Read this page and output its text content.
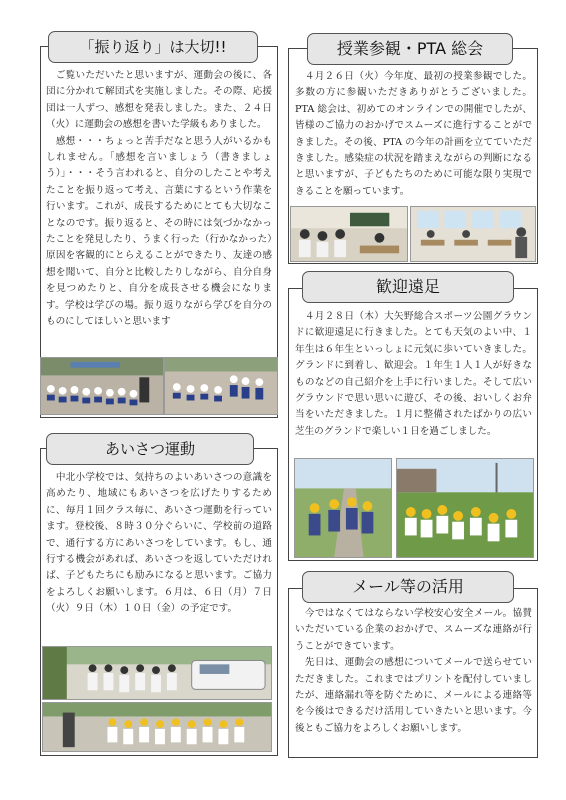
「振り返り」は大切!!
　ご覧いただいたと思いますが、運動会の後に、各団に分かれて解団式を実施しました。その際、応援団は一人ずつ、感想を発表しました。また、２４日（火）に運動会の感想を書いた学級もありました。
　感想・・・ちょっと苦手だなと思う人がいるかもしれません。「感想を言いましょう（書きましょう）」・・・そう言われると、自分のしたことや考えたことを振り返って考え、言葉にするという作業を行います。これが、成長するためにとても大切なことなのです。振り返ると、その時には気づかなかったことを発見したり、うまく行った（行かなかった）原因を客観的にとらえることができたり、友達の感想を聞いて、自分と比較したりしながら、自分自身を見つめたりと、自分を成長させる機会になります。学校は学びの場。振り返りながら学びを自分のものにしてほしいと思います
授業参観・PTA 総会
　４月２６日（火）今年度、最初の授業参観でした。多数の方に参観いただきありがとうございました。PTA 総会は、初めてのオンラインでの開催でしたが、皆様のご協力のおかげでスムーズに進行することができました。その後、PTA の今年の計画を立てていただきました。感染症の状況を踏まえながらの判断になると思いますが、子どもたちのために可能な限り実現できることを願っています。
歓迎遠足
　４月２８日（木）大矢野総合スポーツ公園グラウンドに歓迎遠足に行きました。とても天気のよい中、１年生は６年生といっしょに元気に歩いていきました。グランドに到着し、歓迎会。１年生１人１人が好きなものなどの自己紹介を上手に行いました。そして広いグラウンドで思い思いに遊び、その後、おいしくお弁当をいただきました。１月に整備されたばかりの広い芝生のグランドで楽しい１日を過ごしました。
あいさつ運動
　中北小学校では、気持ちのよいあいさつの意識を高めたり、地域にもあいさつを広げたりするために、毎月１回クラス毎に、あいさつ運動を行っています。登校後、８時３０分ぐらいに、学校前の道路で、通行する方にあいさつをしています。もし、通行する機会があれば、あいさつを返していただければ、子どもたちにも励みになると思います。ご協力をよろしくお願いします。６月は、６日（月）７日（火）９日（木）１０日（金）の予定です。
メール等の活用
　今ではなくてはならない学校安心安全メール。協賛いただいている企業のおかげで、スムーズな連絡が行うことができています。
　先日は、運動会の感想についてメールで送らせていただきました。これまではプリントを配付していましたが、連絡漏れ等を防ぐために、メールによる連絡等を今後はできるだけ活用していきたいと思います。今後ともご協力をよろしくお願いします。
